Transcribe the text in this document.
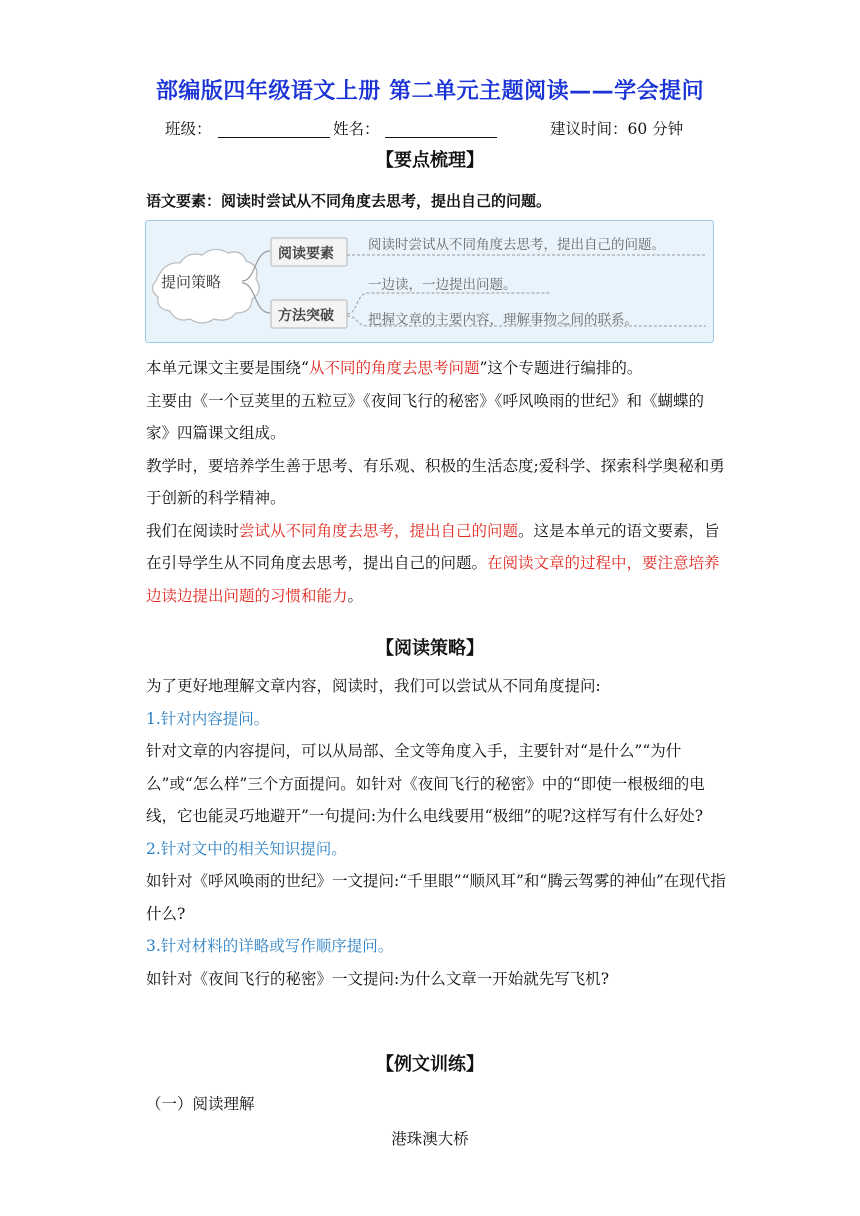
部编版四年级语文上册 第二单元主题阅读——学会提问
班级：	姓名：	建议时间：60 分钟
【要点梳理】
语文要素：阅读时尝试从不同角度去思考，提出自己的问题。
提问策略
阅读要素
方法突破
阅读时尝试从不同角度去思考，提出自己的问题。
一边读，一边提出问题。
把握文章的主要内容，理解事物之间的联系。

本单元课文主要是围绕“从不同的角度去思考问题”这个专题进行编排的。

主要由《一个豆荚里的五粒豆》《夜间飞行的秘密》《呼风唤雨的世纪》和《蝴蝶的家》四篇课文组成。

教学时，要培养学生善于思考、有乐观、积极的生活态度;爱科学、探索科学奥秘和勇于创新的科学精神。

我们在阅读时尝试从不同角度去思考，提出自己的问题。这是本单元的语文要素，旨在引导学生从不同角度去思考，提出自己的问题。在阅读文章的过程中，要注意培养边读边提出问题的习惯和能力。

【阅读策略】

为了更好地理解文章内容，阅读时，我们可以尝试从不同角度提问:

1.针对内容提问。

针对文章的内容提问，可以从局部、全文等角度入手，主要针对“是什么”“为什么”或“怎么样”三个方面提问。如针对《夜间飞行的秘密》中的“即使一根极细的电线，它也能灵巧地避开”一句提问:为什么电线要用“极细”的呢?这样写有什么好处?

2.针对文中的相关知识提问。

如针对《呼风唤雨的世纪》一文提问:“千里眼”“顺风耳”和“腾云驾雾的神仙”在现代指什么?

3.针对材料的详略或写作顺序提问。

如针对《夜间飞行的秘密》一文提问:为什么文章一开始就先写飞机?

【例文训练】
（一）阅读理解
港珠澳大桥
